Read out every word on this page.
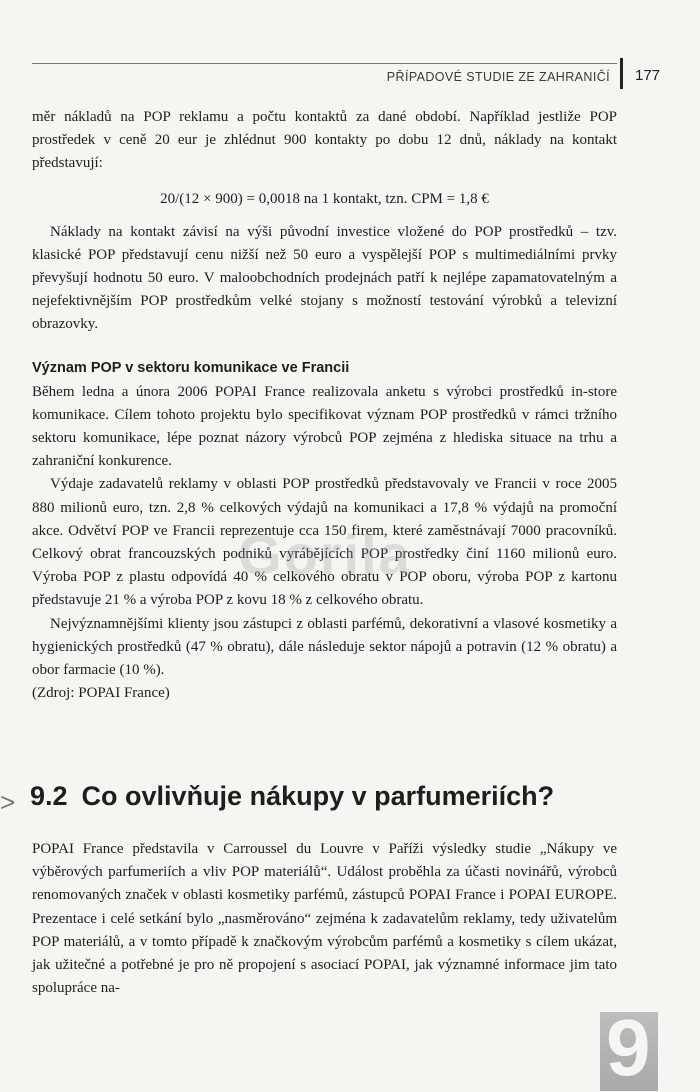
PŘÍPADOVÉ STUDIE ZE ZAHRANIČÍ 177

měr nákladů na POP reklamu a počtu kontaktů za dané období. Například jestliže POP prostředek v ceně 20 eur je zhlédnut 900 kontakty po dobu 12 dnů, náklady na kontakt představují:

20/(12 × 900) = 0,0018 na 1 kontakt, tzn. CPM = 1,8 €

Náklady na kontakt závisí na výši původní investice vložené do POP prostředků – tzv. klasické POP představují cenu nižší než 50 euro a vyspělejší POP s multimediálními prvky převyšují hodnotu 50 euro. V maloobchodních prodejnách patří k nejlépe zapamatovatelným a nejefektivnějším POP prostředkům velké stojany s možností testování výrobků a televizní obrazovky.

Význam POP v sektoru komunikace ve Francii

Během ledna a února 2006 POPAI France realizovala anketu s výrobci prostředků in-store komunikace. Cílem tohoto projektu bylo specifikovat význam POP prostředků v rámci tržního sektoru komunikace, lépe poznat názory výrobců POP zejména z hlediska situace na trhu a zahraniční konkurence.

Výdaje zadavatelů reklamy v oblasti POP prostředků představovaly ve Francii v roce 2005 880 milionů euro, tzn. 2,8 % celkových výdajů na komunikaci a 17,8 % výdajů na promoční akce. Odvětví POP ve Francii reprezentuje cca 150 firem, které zaměstnávají 7000 pracovníků. Celkový obrat francouzských podniků vyrábějících POP prostředky činí 1160 milionů euro. Výroba POP z plastu odpovídá 40 % celkového obratu v POP oboru, výroba POP z kartonu představuje 21 % a výroba POP z kovu 18 % z celkového obratu.

Nejvýznamnějšími klienty jsou zástupci z oblasti parfémů, dekorativní a vlasové kosmetiky a hygienických prostředků (47 % obratu), dále následuje sektor nápojů a potravin (12 % obratu) a obor farmacie (10 %).

(Zdroj: POPAI France)

> 9.2 Co ovlivňuje nákupy v parfumeriích?

POPAI France představila v Carroussel du Louvre v Paříži výsledky studie „Nákupy ve výběrových parfumeriích a vliv POP materiálů“. Událost proběhla za účasti novinářů, výrobců renomovaných značek v oblasti kosmetiky parfémů, zástupců POPAI France i POPAI EUROPE. Prezentace i celé setkání bylo „nasměrováno“ zejména k zadavatelům reklamy, tedy uživatelům POP materiálů, a v tomto případě k značkovým výrobcům parfémů a kosmetiky s cílem ukázat, jak užitečné a potřebné je pro ně propojení s asociací POPAI, jak významné informace jim tato spolupráce na-

Gorila
9
